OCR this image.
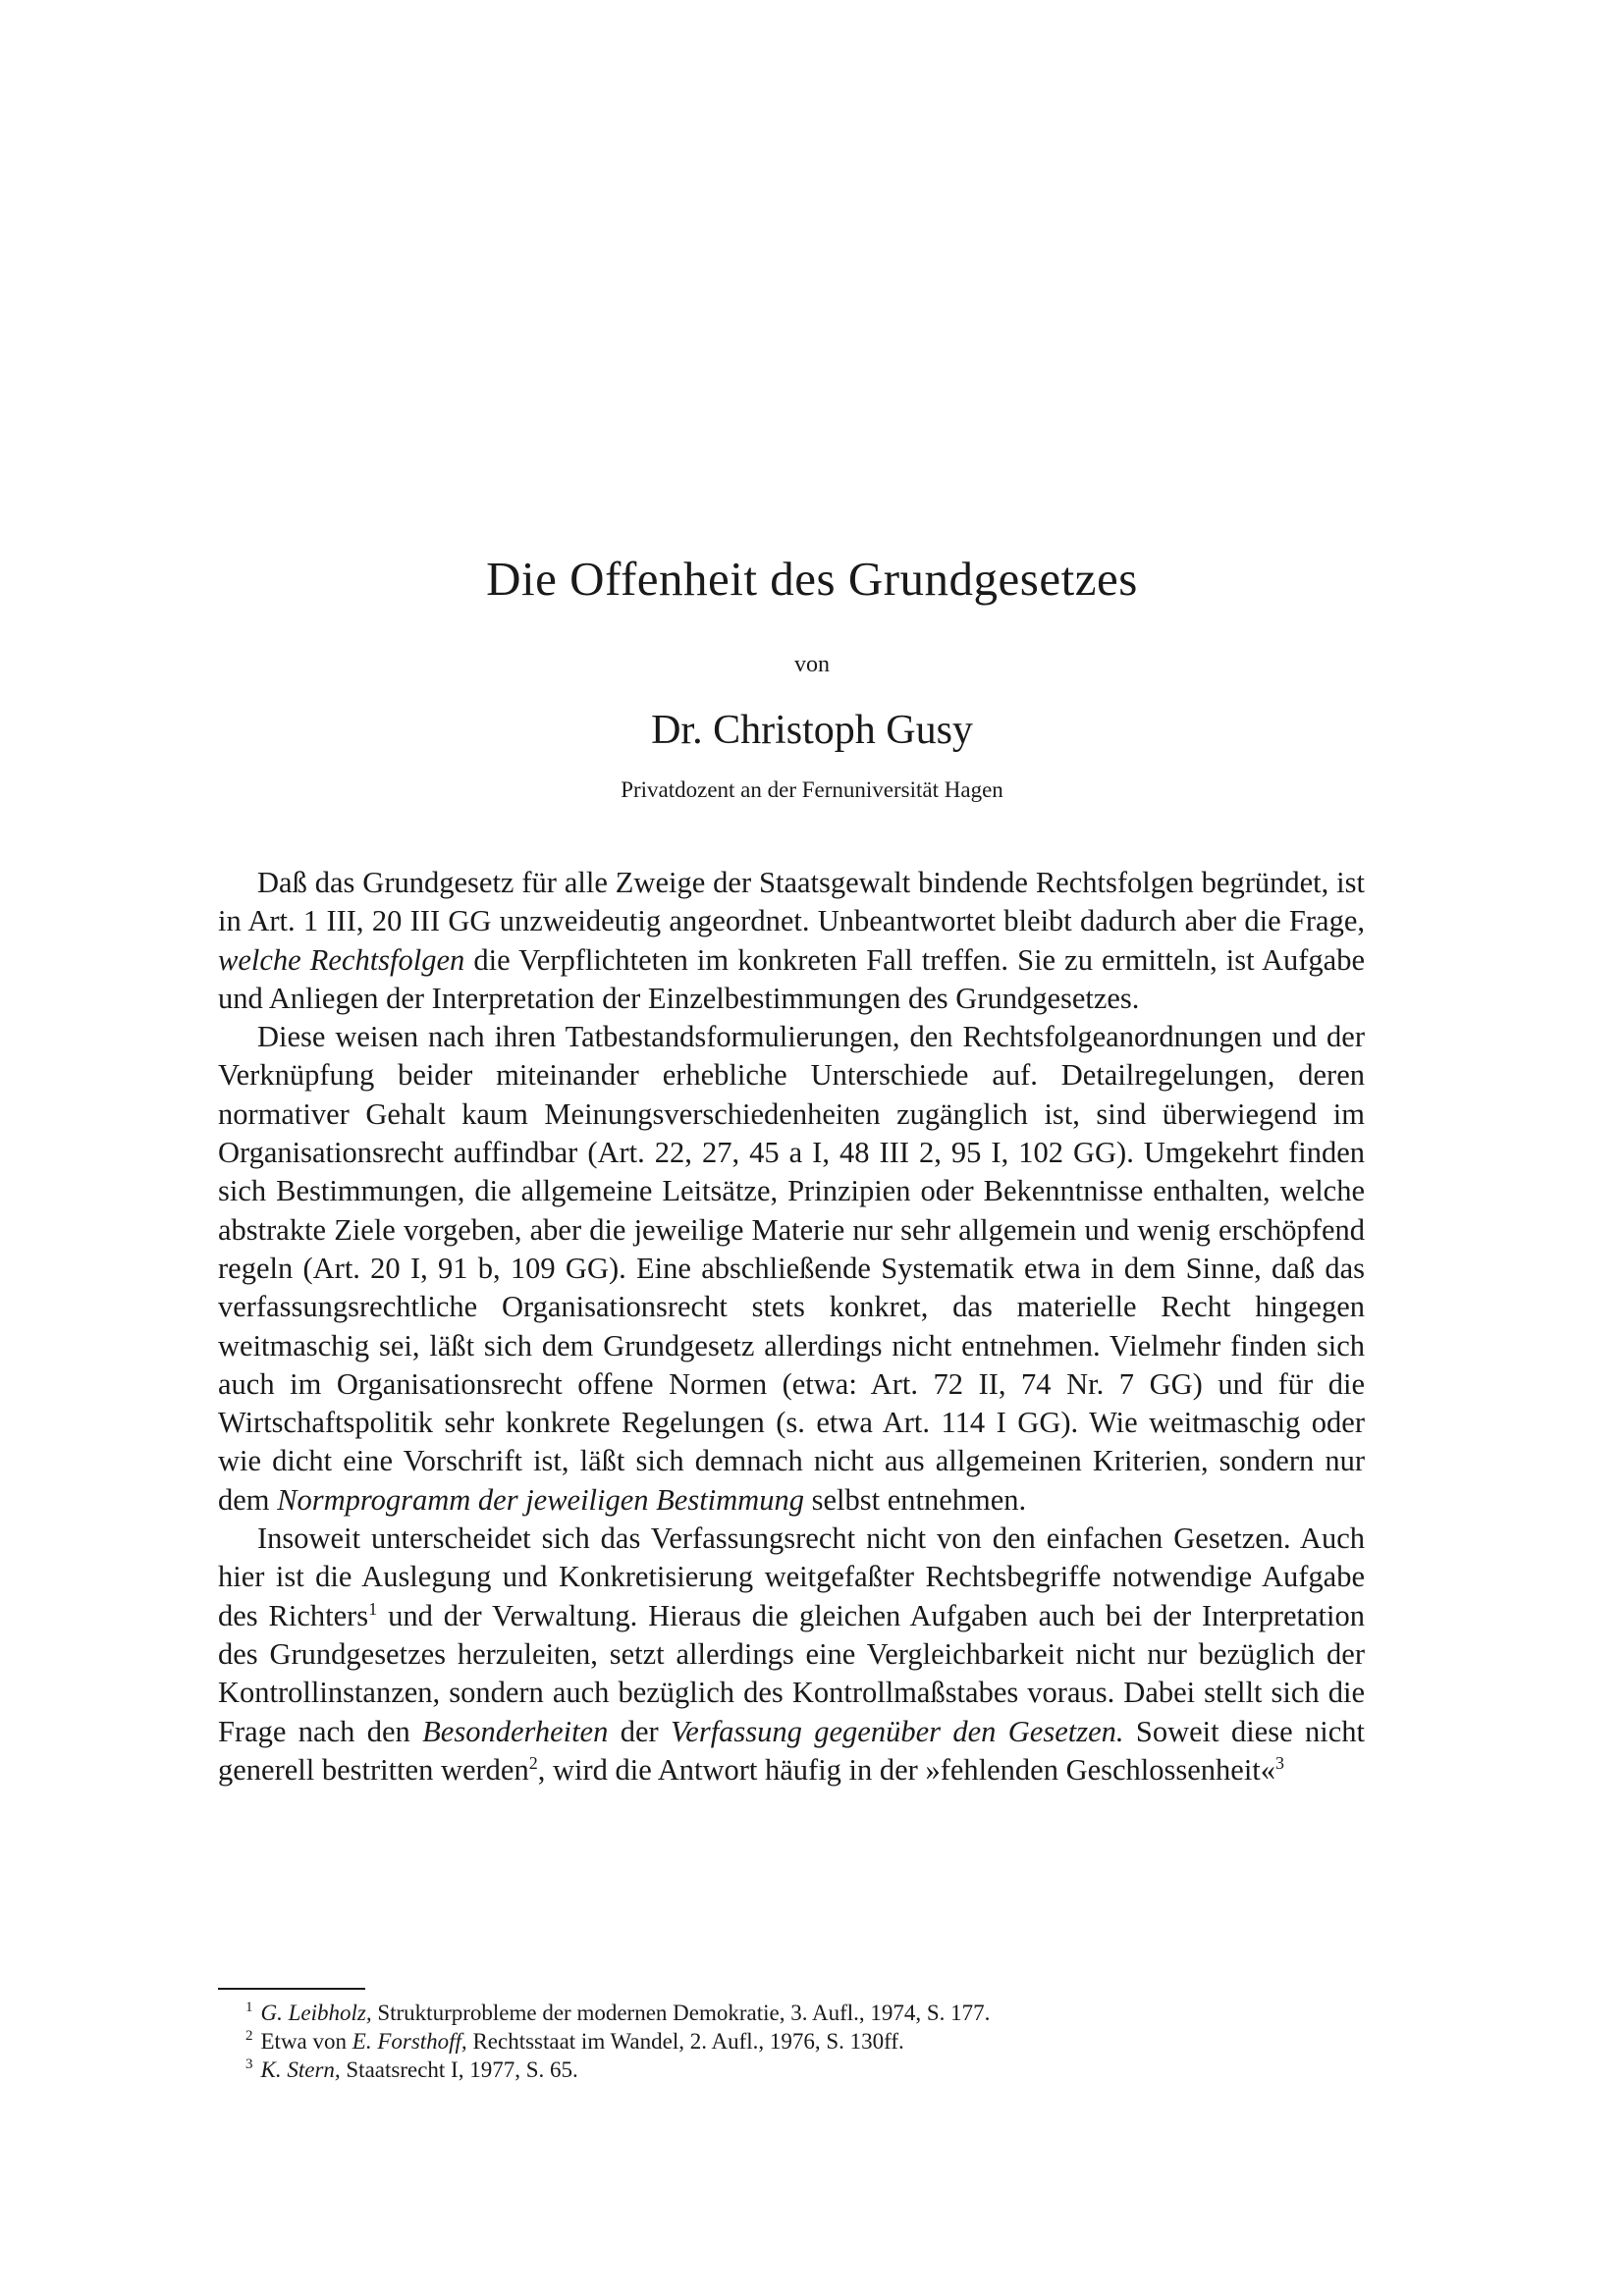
Die Offenheit des Grundgesetzes
von
Dr. Christoph Gusy
Privatdozent an der Fernuniversität Hagen

Daß das Grundgesetz für alle Zweige der Staatsgewalt bindende Rechtsfolgen begründet, ist in Art. 1 III, 20 III GG unzweideutig angeordnet. Unbeantwortet bleibt dadurch aber die Frage, welche Rechtsfolgen die Verpflichteten im konkreten Fall treffen. Sie zu ermitteln, ist Aufgabe und Anliegen der Interpretation der Einzelbestimmungen des Grundgesetzes.

Diese weisen nach ihren Tatbestandsformulierungen, den Rechtsfolgeanordnungen und der Verknüpfung beider miteinander erhebliche Unterschiede auf. Detailregelungen, deren normativer Gehalt kaum Meinungsverschiedenheiten zugänglich ist, sind überwiegend im Organisationsrecht auffindbar (Art. 22, 27, 45 a I, 48 III 2, 95 I, 102 GG). Umgekehrt finden sich Bestimmungen, die allgemeine Leitsätze, Prinzipien oder Bekenntnisse enthalten, welche abstrakte Ziele vorgeben, aber die jeweilige Materie nur sehr allgemein und wenig erschöpfend regeln (Art. 20 I, 91 b, 109 GG). Eine abschließende Systematik etwa in dem Sinne, daß das verfassungsrechtliche Organisationsrecht stets konkret, das materielle Recht hingegen weitmaschig sei, läßt sich dem Grundgesetz allerdings nicht entnehmen. Vielmehr finden sich auch im Organisationsrecht offene Normen (etwa: Art. 72 II, 74 Nr. 7 GG) und für die Wirtschaftspolitik sehr konkrete Regelungen (s. etwa Art. 114 I GG). Wie weitmaschig oder wie dicht eine Vorschrift ist, läßt sich demnach nicht aus allgemeinen Kriterien, sondern nur dem Normprogramm der jeweiligen Bestimmung selbst entnehmen.

Insoweit unterscheidet sich das Verfassungsrecht nicht von den einfachen Gesetzen. Auch hier ist die Auslegung und Konkretisierung weitgefaßter Rechtsbegriffe notwendige Aufgabe des Richters$^1$ und der Verwaltung. Hieraus die gleichen Aufgaben auch bei der Interpretation des Grundgesetzes herzuleiten, setzt allerdings eine Vergleichbarkeit nicht nur bezüglich der Kontrollinstanzen, sondern auch bezüglich des Kontrollmaßstabes voraus. Dabei stellt sich die Frage nach den Besonderheiten der Verfassung gegenüber den Gesetzen. Soweit diese nicht generell bestritten werden$^2$, wird die Antwort häufig in der »fehlenden Geschlossenheit«$^3$

$^1$ G. Leibholz, Strukturprobleme der modernen Demokratie, 3. Aufl., 1974, S. 177.

$^2$ Etwa von E. Forsthoff, Rechtsstaat im Wandel, 2. Aufl., 1976, S. 130ff.

$^3$ K. Stern, Staatsrecht I, 1977, S. 65.
